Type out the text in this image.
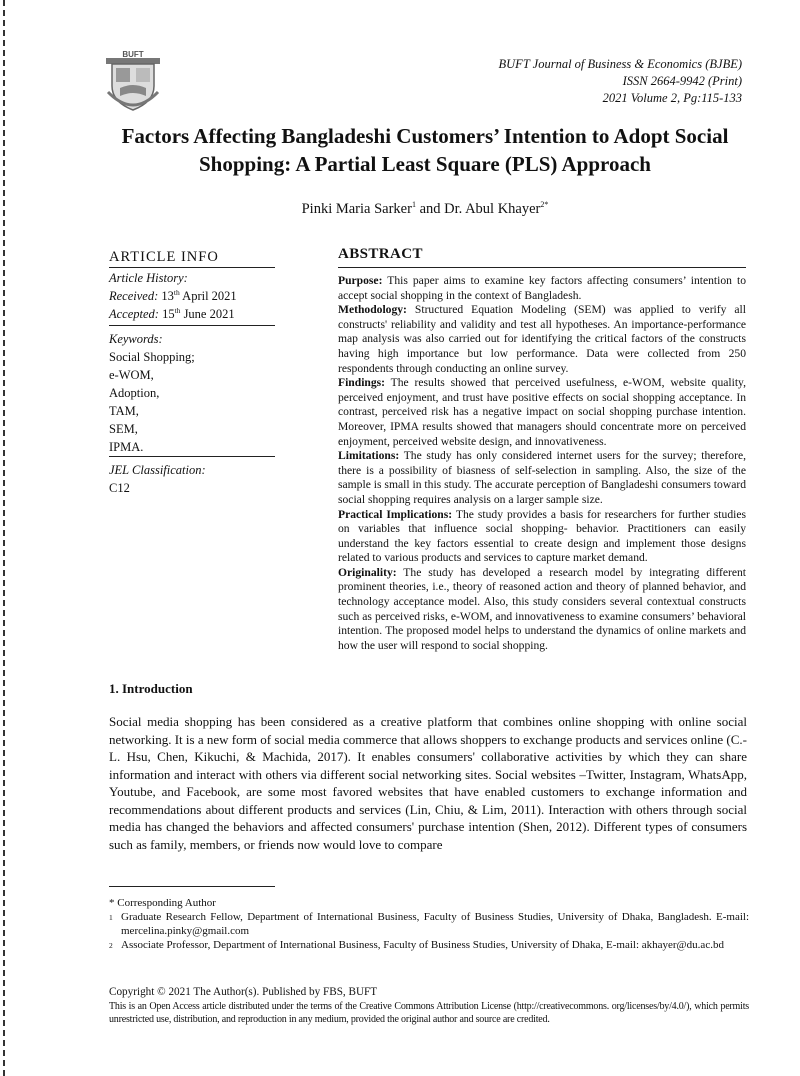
BUFT
BUFT Journal of Business & Economics (BJBE)
ISSN 2664-9942 (Print)
2021 Volume 2, Pg:115-133
Factors Affecting Bangladeshi Customers’ Intention to Adopt Social
Shopping: A Partial Least Square (PLS) Approach
Pinki Maria Sarker$^1$ and Dr. Abul Khayer$^{2*}$
ARTICLE INFO
Article History:
Received: 13th April 2021
Accepted: 15th June 2021
Keywords:
Social Shopping;
e-WOM,
Adoption,
TAM,
SEM,
IPMA.
JEL Classification:
C12
ABSTRACT

Purpose: This paper aims to examine key factors affecting consumers’ intention to accept social shopping in the context of Bangladesh.

Methodology: Structured Equation Modeling (SEM) was applied to verify all constructs' reliability and validity and test all hypotheses. An importance-performance map analysis was also carried out for identifying the critical factors of the constructs having high importance but low performance. Data were collected from 250 respondents through conducting an online survey.

Findings: The results showed that perceived usefulness, e-WOM, website quality, perceived enjoyment, and trust have positive effects on social shopping acceptance. In contrast, perceived risk has a negative impact on social shopping purchase intention. Moreover, IPMA results showed that managers should concentrate more on perceived enjoyment, perceived website design, and innovativeness.

Limitations: The study has only considered internet users for the survey; therefore, there is a possibility of biasness of self-selection in sampling. Also, the size of the sample is small in this study. The accurate perception of Bangladeshi consumers toward social shopping requires analysis on a larger sample size.

Practical Implications: The study provides a basis for researchers for further studies on variables that influence social shopping- behavior. Practitioners can easily understand the key factors essential to create design and implement those designs related to various products and services to capture market demand.

Originality: The study has developed a research model by integrating different prominent theories, i.e., theory of reasoned action and theory of planned behavior, and technology acceptance model. Also, this study considers several contextual constructs such as perceived risks, e-WOM, and innovativeness to examine consumers’ behavioral intention. The proposed model helps to understand the dynamics of online markets and how the user will respond to social shopping.

1. Introduction

Social media shopping has been considered as a creative platform that combines online shopping with online social networking. It is a new form of social media commerce that allows shoppers to exchange products and services online (C.-L. Hsu, Chen, Kikuchi, & Machida, 2017). It enables consumers' collaborative activities by which they can share information and interact with others via different social networking sites. Social websites –Twitter, Instagram, WhatsApp, Youtube, and Facebook, are some most favored websites that have enabled customers to exchange information and recommendations about different products and services (Lin, Chiu, & Lim, 2011). Interaction with others through social media has changed the behaviors and affected consumers' purchase intention (Shen, 2012). Different types of consumers such as family, members, or friends now would love to compare

* Corresponding Author
1 Graduate Research Fellow, Department of International Business, Faculty of Business Studies, University of Dhaka, Bangladesh. E-mail: mercelina.pinky@gmail.com
2 Associate Professor, Department of International Business, Faculty of Business Studies, University of Dhaka, E-mail: akhayer@du.ac.bd
Copyright © 2021 The Author(s). Published by FBS, BUFT
This is an Open Access article distributed under the terms of the Creative Commons Attribution License (http://creativecommons. org/licenses/by/4.0/), which permits unrestricted use, distribution, and reproduction in any medium, provided the original author and source are credited.
